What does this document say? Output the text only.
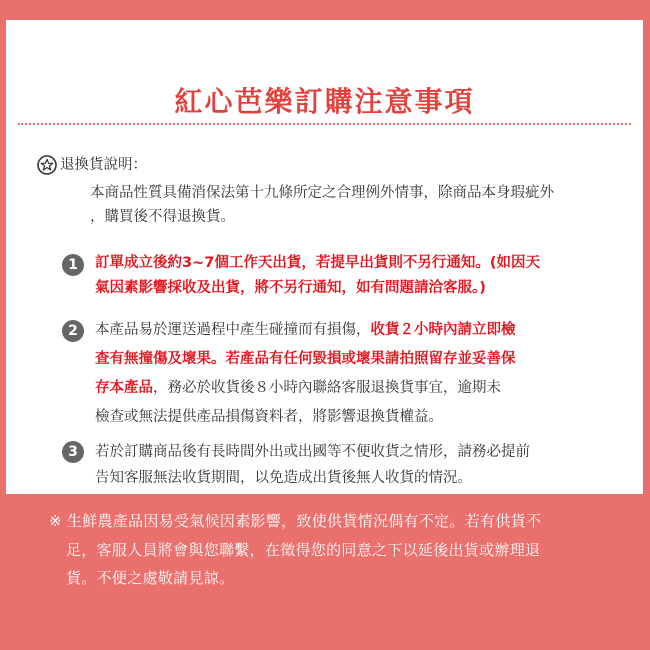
紅心芭樂訂購注意事項
退換貨說明：
本商品性質具備消保法第十九條所定之合理例外情事，除商品本身瑕疵外
，購買後不得退換貨。
1	訂單成立後約3~7個工作天出貨，若提早出貨則不另行通知。(如因天
氣因素影響採收及出貨，將不另行通知，如有問題請洽客服。)
2	本產品易於運送過程中產生碰撞而有損傷，收貨２小時內請立即檢
查有無撞傷及壞果。若產品有任何毀損或壞果請拍照留存並妥善保
存本產品，務必於收貨後８小時內聯絡客服退換貨事宜，逾期未
檢查或無法提供產品損傷資料者，將影響退換貨權益。
3	若於訂購商品後有長時間外出或出國等不便收貨之情形，請務必提前
告知客服無法收貨期間，以免造成出貨後無人收貨的情況。
※ 生鮮農產品因易受氣候因素影響，致使供貨情況偶有不定。若有供貨不

足，客服人員將會與您聯繫，在徵得您的同意之下以延後出貨或辦理退
貨。不便之處敬請見諒。
